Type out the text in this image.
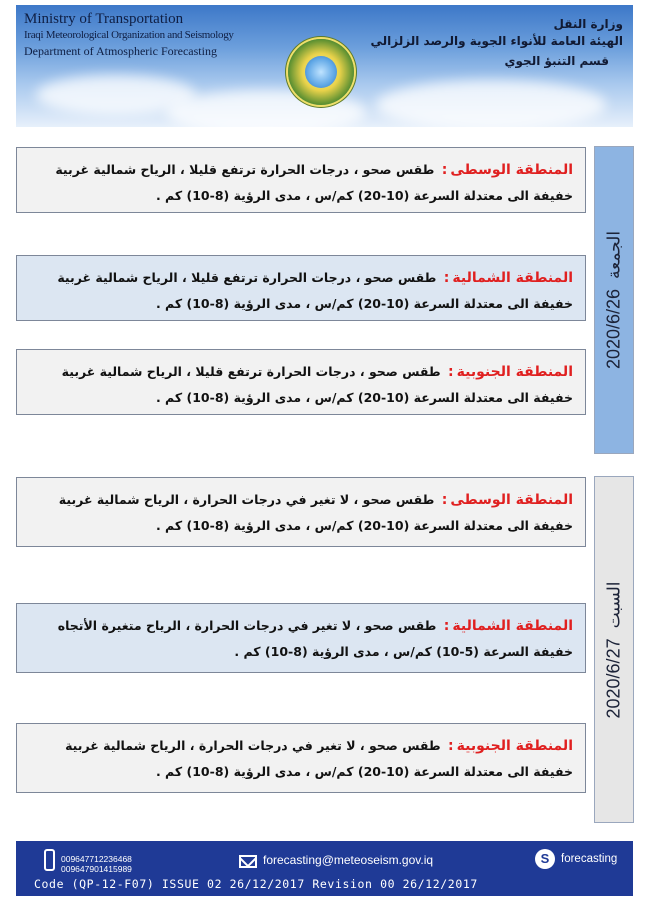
Ministry of Transportation
Iraqi Meteorological Organization and Seismology
Department of Atmospheric Forecasting
وزارة النقل
الهيئة العامة للأنواء الجوية والرصد الزلزالي
قسم التنبؤ الجوي
المنطقة الوسطى: طقس صحو ، درجات الحرارة ترتفع قليلا ، الرياح شمالية غربية خفيفة الى معتدلة السرعة (10-20) كم/س ، مدى الرؤية (8-10) كم .
المنطقة الشمالية: طقس صحو ، درجات الحرارة ترتفع قليلا ، الرياح شمالية غربية خفيفة الى معتدلة السرعة (10-20) كم/س ، مدى الرؤية (8-10) كم .
المنطقة الجنوبية: طقس صحو ، درجات الحرارة ترتفع قليلا ، الرياح شمالية غربية خفيفة الى معتدلة السرعة (10-20) كم/س ، مدى الرؤية (8-10) كم .
المنطقة الوسطى: طقس صحو ، لا تغير في درجات الحرارة ، الرياح شمالية غربية خفيفة الى معتدلة السرعة (10-20) كم/س ، مدى الرؤية (8-10) كم .
المنطقة الشمالية: طقس صحو ، لا تغير في درجات الحرارة ، الرياح متغيرة الأتجاه خفيفة السرعة (5-10) كم/س ، مدى الرؤية (8-10) كم .
المنطقة الجنوبية: طقس صحو ، لا تغير في درجات الحرارة ، الرياح شمالية غربية خفيفة الى معتدلة السرعة (10-20) كم/س ، مدى الرؤية (8-10) كم .
2020/6/26الجمعة
2020/6/27السبت
009647712236468
009647901415989
forecasting@meteoseism.gov.iq	S	forecasting
Code (QP-12-F07) ISSUE 02 26/12/2017 Revision 00 26/12/2017
